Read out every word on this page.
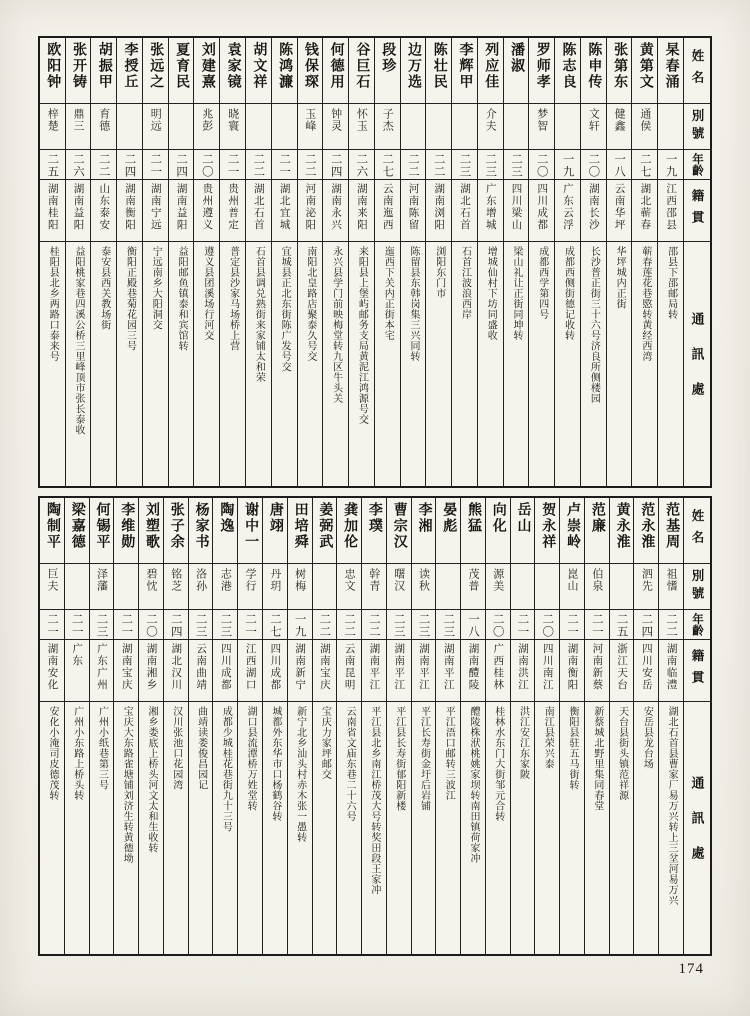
姓名
別號
年齡
籍貫
通訊處
杲春涌
一九
江西邵县
邵县下邵邮局转
黄第文
通侯
二七
湖北蕲春
蕲春莲花巷愍转黄经西湾
张第东
健鑫
一八
云南华坪
华坪城内正街
陈申传
文轩
二〇
湖南长沙
长沙普正街三十六号济良所侧楼园
陈志良
一九
广东云浮
成都西侧街德记收转
罗师孝
梦智
二〇
四川成都
成都西学第四号
潘淑
二三
四川梁山
梁山礼让正街同坤转
列应佳
介夫
二三
广东增城
增城仙村下坊同盛收
李辉甲
二三
湖北石首
石首江波浪西岸
陈壮民
二二
湖南浏阳
浏阳东门市
边万选
二二
河南陈留
陈留县东韩岗集三兴同转
段珍
子杰
二七
云南迤西
迤西下关内正街本宅
谷巨石
怀玉
二六
湖南来阳
来阳县上堡屿邮务支局黄泥江鸿源号交
何德用
钟灵
二四
湖南永兴
永兴县学门前映梅堂转九区牛头关
钱保琛
玉峰
二二
河南泌阳
南阳北皇路店聚泰久号交
陈鸿濂
二一
湖北宜城
宜城县正北东街陈广发号交
胡文祥
二二
湖北石首
石首县调兑熟街来家铺太和荣
袁家镜
晓寰
二一
贵州普定
普定县沙家马场桥上营
刘建熹
兆彭
二〇
贵州遵义
遵义县团溪场行河交
夏育民
二四
湖南益阳
益阳邮鱼镇泰和宾馆转
张远之
明远
二一
湖南宁远
宁远南乡大阳洞交
李授丘
二四
湖南衡阳
衡阳正殿巷菊花园三号
胡振甲
育德
二二
山东泰安
泰安县西关教场街
张开铸
鼎三
二六
湖南益阳
益阳桃家巷四溪公桥三里峰顶市张长泰收
欧阳钟
梓楚
二五
湖南桂阳
桂阳县北乡两路口泰来号
姓名
別號
年齡
籍貫
通訊處
范基周
祖愭
二二
湖南临澧
湖北石首县曹家厂易万兴转上三坌河易万兴
范永淮
泗先
二四
四川安岳
安岳县龙台场
黄永淮
二五
浙江天台
天台县街头镇范祥源
范廉
伯泉
二一
河南新蔡
新蔡城北野里集同春堂
卢崇岭
崑山
二一
湖南衡阳
衡阳县驻五马街转
贺永祥
二〇
四川南江
南江县荣兴泰
岳山
二一
湖南洪江
洪江安江东家陂
向化
源美
二〇
广西桂林
桂林水东门大街邹元合转
熊猛
茂普
一八
湖南醴陵
醴陵株洑桃姚家坝转南田镇荷家冲
晏彪
二三
湖南平江
平江浯口邮转三波江
李湘
读秋
二三
湖南平江
平江长寿街金圩后岩铺
曹宗汉
曙汉
二三
湖南平江
平江县长寿街郁阳新楼
李璞
幹青
二二
湖南平江
平江县北乡南江桥茂大号转奖田段王家冲
龚加伦
忠文
二二
云南昆明
云南省文庙东巷二十六号
姜弼武
二二
湖南宝庆
宝庆力家坪邮交
田培舜
树梅
一九
湖南新宁
新宁北乡汕头村赤木张一愚转
唐翊
丹玥
二七
四川成都
城都外东华市口杨鹤谷转
谢中一
学行
二一
江西湖口
湖口县流潭桥万姓堂转
陶逸
志港
二三
四川成都
成都少城桂花巷街九十三号
杨家书
洛孙
二三
云南曲靖
曲靖读娄俊昌园记
张子余
铭芝
二四
湖北汉川
汉川张池口花园湾
刘塑歌
碧忱
二〇
湖南湘乡
湘乡娄底上桥头河文太和生收转
李维勋
二一
湖南宝庆
宝庆大东路雀塘铺刘济生转黄德坳
何锡平
泽藩
二三
广东广州
广州小纸巷第三号
梁嘉德
二一
广东
广州小东路上桥头转
陶制平
巨夫
二一
湖南安化
安化小淹司皮德茂转
174
